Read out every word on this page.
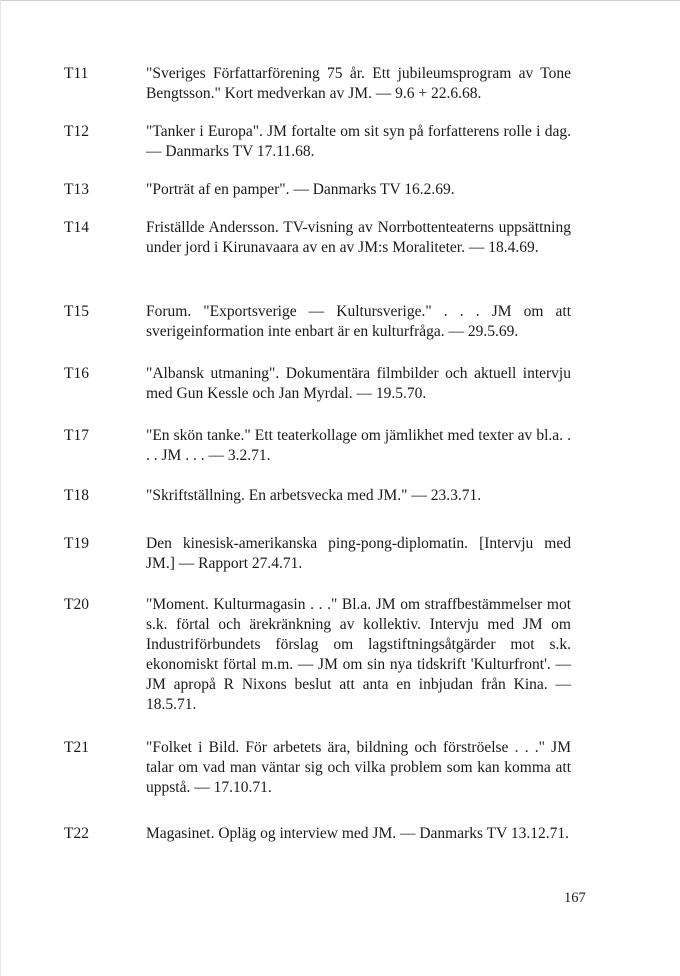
T11	"Sveriges Författarförening 75 år. Ett jubileumsprogram av Tone Bengtsson." Kort medverkan av JM. — 9.6 + 22.6.68.
T12	"Tanker i Europa". JM fortalte om sit syn på forfatterens rolle i dag. — Danmarks TV 17.11.68.
T13	"Porträt af en pamper". — Danmarks TV 16.2.69.
T14	Friställde Andersson. TV-visning av Norrbottenteaterns uppsättning under jord i Kirunavaara av en av JM:s Moraliteter. — 18.4.69.
T15	Forum. "Exportsverige — Kultursverige." . . . JM om att sverigeinformation inte enbart är en kulturfråga. — 29.5.69.
T16	"Albansk utmaning". Dokumentära filmbilder och aktuell intervju med Gun Kessle och Jan Myrdal. — 19.5.70.
T17	"En skön tanke." Ett teaterkollage om jämlikhet med texter av bl.a. . . . JM . . . — 3.2.71.
T18	"Skriftställning. En arbetsvecka med JM." — 23.3.71.
T19	Den kinesisk-amerikanska ping-pong-diplomatin. [Intervju med JM.] — Rapport 27.4.71.
T20	"Moment. Kulturmagasin . . ." Bl.a. JM om straffbestämmelser mot s.k. förtal och ärekränkning av kollektiv. Intervju med JM om Industriförbundets förslag om lagstiftningsåtgärder mot s.k. ekonomiskt förtal m.m. — JM om sin nya tidskrift 'Kulturfront'. — JM apropå R Nixons beslut att anta en inbjudan från Kina. — 18.5.71.
T21	"Folket i Bild. För arbetets ära, bildning och förströelse . . ." JM talar om vad man väntar sig och vilka problem som kan komma att uppstå. — 17.10.71.
T22	Magasinet. Opläg og interview med JM. — Danmarks TV 13.12.71.
167
